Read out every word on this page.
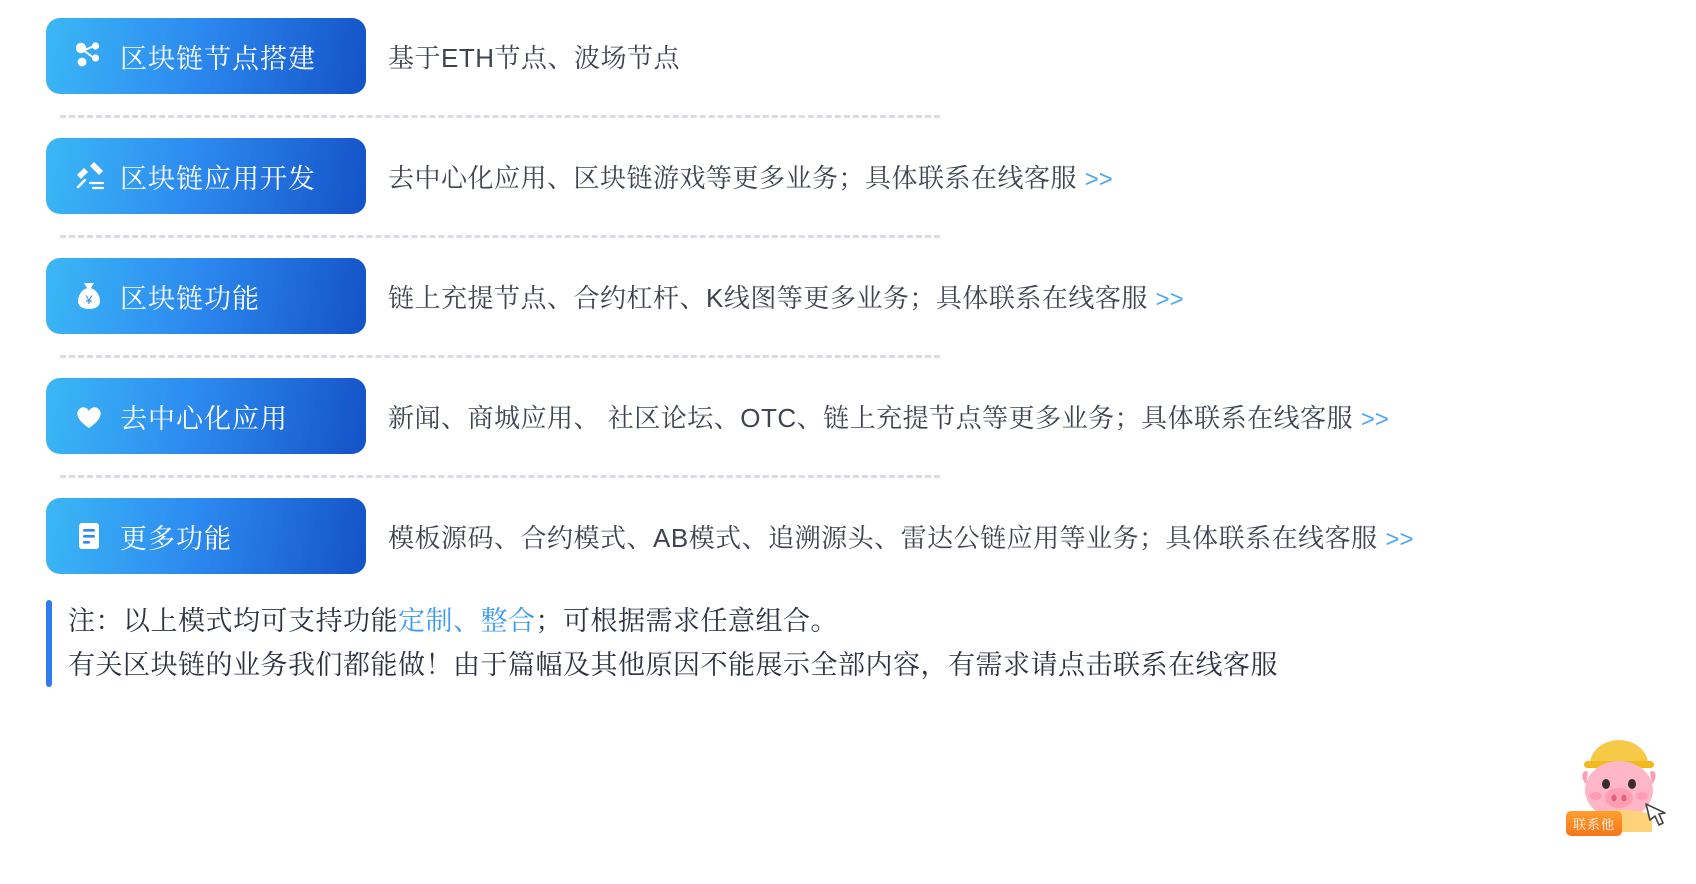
区块链节点搭建	基于ETH节点、波场节点
区块链应用开发	去中心化应用、区块链游戏等更多业务；具体联系在线客服 >>
¥ 区块链功能	链上充提节点、合约杠杆、K线图等更多业务；具体联系在线客服 >>
去中心化应用	新闻、商城应用、 社区论坛、OTC、链上充提节点等更多业务；具体联系在线客服 >>
更多功能	模板源码、合约模式、AB模式、追溯源头、雷达公链应用等业务；具体联系在线客服 >>
注：以上模式均可支持功能定制、整合；可根据需求任意组合。
有关区块链的业务我们都能做！由于篇幅及其他原因不能展示全部内容，有需求请点击联系在线客服
联系他
